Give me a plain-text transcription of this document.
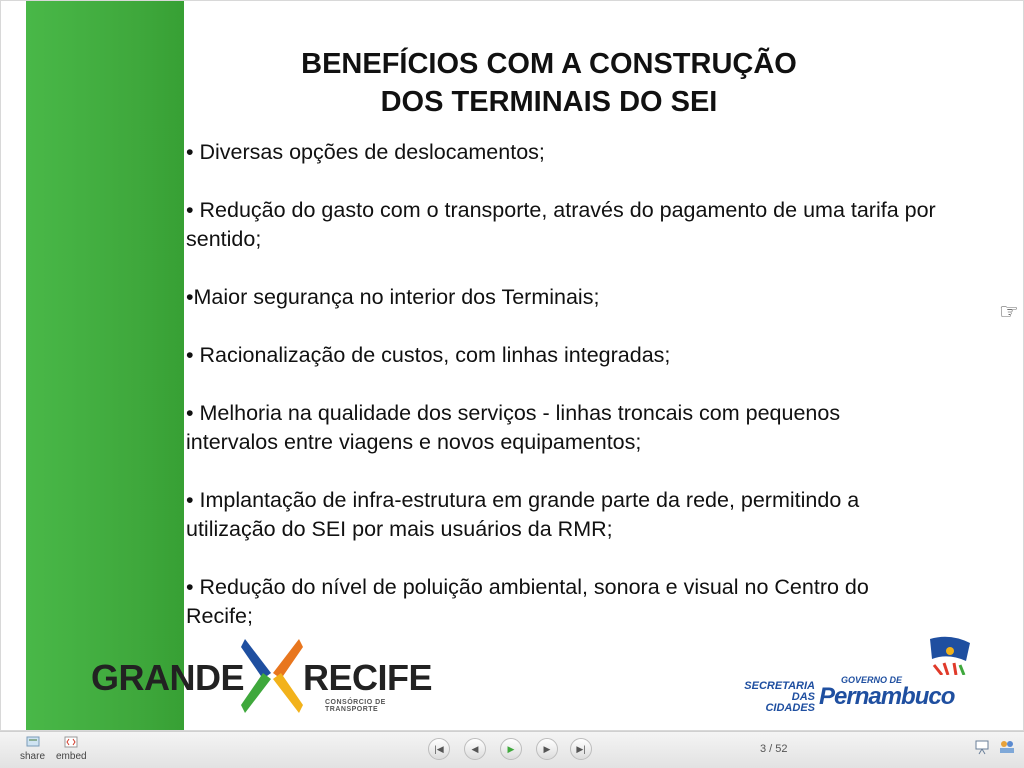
BENEFÍCIOS COM A CONSTRUÇÃO
DOS TERMINAIS DO SEI

• Diversas opções de deslocamentos;

• Redução do gasto com o transporte, através do pagamento de uma tarifa por sentido;

•Maior segurança no interior dos Terminais;

• Racionalização de custos, com linhas integradas;

• Melhoria na qualidade dos serviços - linhas troncais com pequenos intervalos entre viagens e novos equipamentos;

• Implantação de infra-estrutura em grande parte da rede, permitindo a utilização do SEI por mais usuários da RMR;

• Redução do nível de poluição ambiental, sonora e visual no Centro do Recife;

☞
GRANDE RECIFE
CONSÓRCIO DE TRANSPORTE
SECRETARIA
DAS CIDADES
GOVERNO DE
Pernambuco
share embed
|◀	◀	▶	▶	▶|	3 / 52
